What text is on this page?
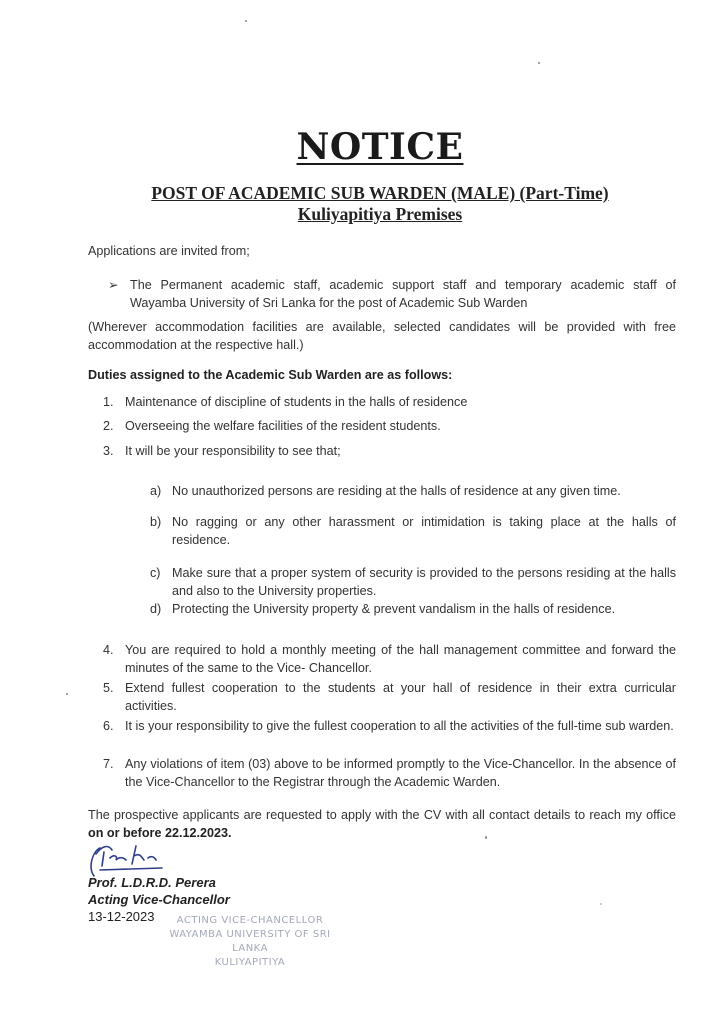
NOTICE
POST OF ACADEMIC SUB WARDEN (MALE) (Part-Time)
Kuliyapitiya Premises
Applications are invited from;
➢ The Permanent academic staff, academic support staff and temporary academic staff of Wayamba University of Sri Lanka for the post of Academic Sub Warden
(Wherever accommodation facilities are available, selected candidates will be provided with free accommodation at the respective hall.)
Duties assigned to the Academic Sub Warden are as follows:
1. Maintenance of discipline of students in the halls of residence
2. Overseeing the welfare facilities of the resident students.
3. It will be your responsibility to see that;
a) No unauthorized persons are residing at the halls of residence at any given time.
b) No ragging or any other harassment or intimidation is taking place at the halls of residence.
c) Make sure that a proper system of security is provided to the persons residing at the halls and also to the University properties.
d) Protecting the University property & prevent vandalism in the halls of residence.
4. You are required to hold a monthly meeting of the hall management committee and forward the minutes of the same to the Vice- Chancellor.
5. Extend fullest cooperation to the students at your hall of residence in their extra curricular activities.
6. It is your responsibility to give the fullest cooperation to all the activities of the full-time sub warden.
7. Any violations of item (03) above to be informed promptly to the Vice-Chancellor. In the absence of the Vice-Chancellor to the Registrar through the Academic Warden.
The prospective applicants are requested to apply with the CV with all contact details to reach my office on or before 22.12.2023.
Prof. L.D.R.D. Perera
Acting Vice-Chancellor
13-12-2023	ACTING VICE-CHANCELLOR
WAYAMBA UNIVERSITY OF SRI LANKA
KULIYAPITIYA
